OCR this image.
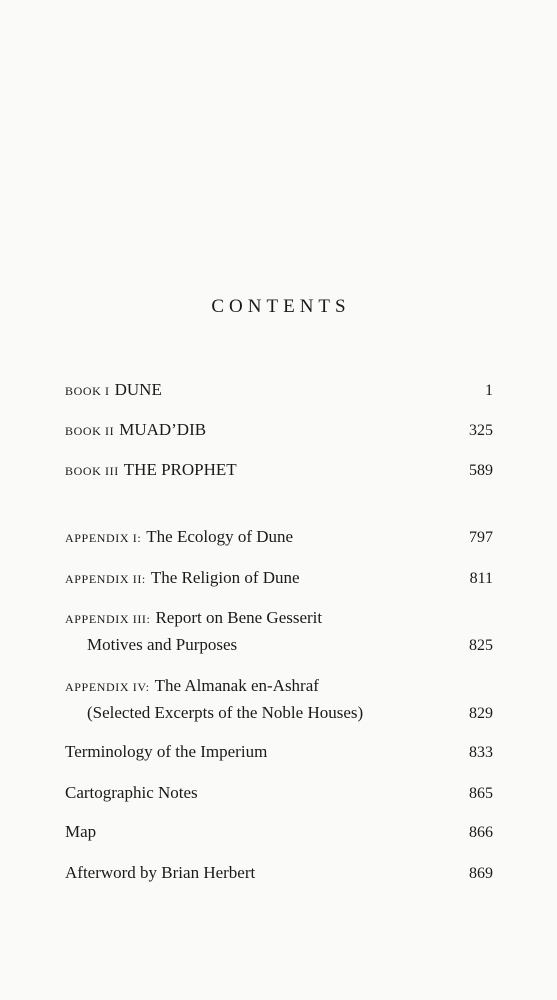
CONTENTS
BOOK I DUNE	1
BOOK II MUAD’DIB	325
BOOK III THE PROPHET	589
APPENDIX I: The Ecology of Dune	797
APPENDIX II: The Religion of Dune	811
APPENDIX III: Report on Bene Gesserit
Motives and Purposes	825
APPENDIX IV: The Almanak en-Ashraf
(Selected Excerpts of the Noble Houses)	829
Terminology of the Imperium	833
Cartographic Notes	865
Map	866
Afterword by Brian Herbert	869
